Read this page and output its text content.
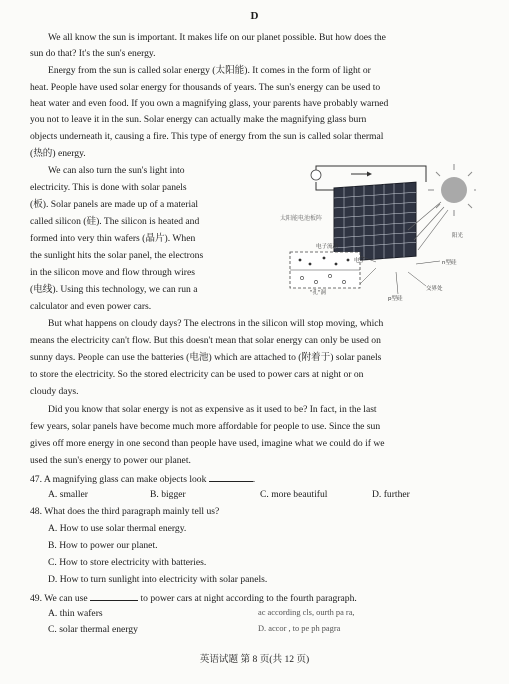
D
We all know the sun is important. It makes life on our planet possible. But how does the
sun do that? It's the sun's energy.
Energy from the sun is called solar energy (太阳能). It comes in the form of light or
heat. People have used solar energy for thousands of years. The sun's energy can be used to
heat water and even food. If you own a magnifying glass, your parents have probably warned
you not to leave it in the sun. Solar energy can actually make the magnifying glass burn
objects underneath it, causing a fire. This type of energy from the sun is called solar thermal
(热的) energy.
We can also turn the sun's light into
electricity. This is done with solar panels
(板). Solar panels are made up of a material
called silicon (硅). The silicon is heated and
formed into very thin wafers (晶片). When
the sunlight hits the solar panel, the electrons
in the silicon move and flow through wires
(电线). Using this technology, we can run a
calculator and even power cars.
太阳能电池板阵
阳光
电子流动
电子
"孔"洞
n型硅
p型硅
交界处
But what happens on cloudy days? The electrons in the silicon will stop moving, which
means the electricity can't flow. But this doesn't mean that solar energy can only be used on
sunny days. People can use the batteries (电池) which are attached to (附着于) solar panels
to store the electricity. So the stored electricity can be used to power cars at night or on
cloudy days.
Did you know that solar energy is not as expensive as it used to be? In fact, in the last
few years, solar panels have become much more affordable for people to use. Since the sun
gives off more energy in one second than people have used, imagine what we could do if we
used the sun's energy to power our planet.
47. A magnifying glass can make objects look	.
A. smaller	B. bigger	C. more beautiful	D. further
48. What does the third paragraph mainly tell us?
A. How to use solar thermal energy.
B. How to power our planet.
C. How to store electricity with batteries.
D. How to turn sunlight into electricity with solar panels.
49. We can use	to power cars at night according to the fourth paragraph.
A. thin wafers
C. solar thermal energy
ac according cls, ourth pa ra,
D. accor , to pe ph pagra
英语试题 第 8 页(共 12 页)
